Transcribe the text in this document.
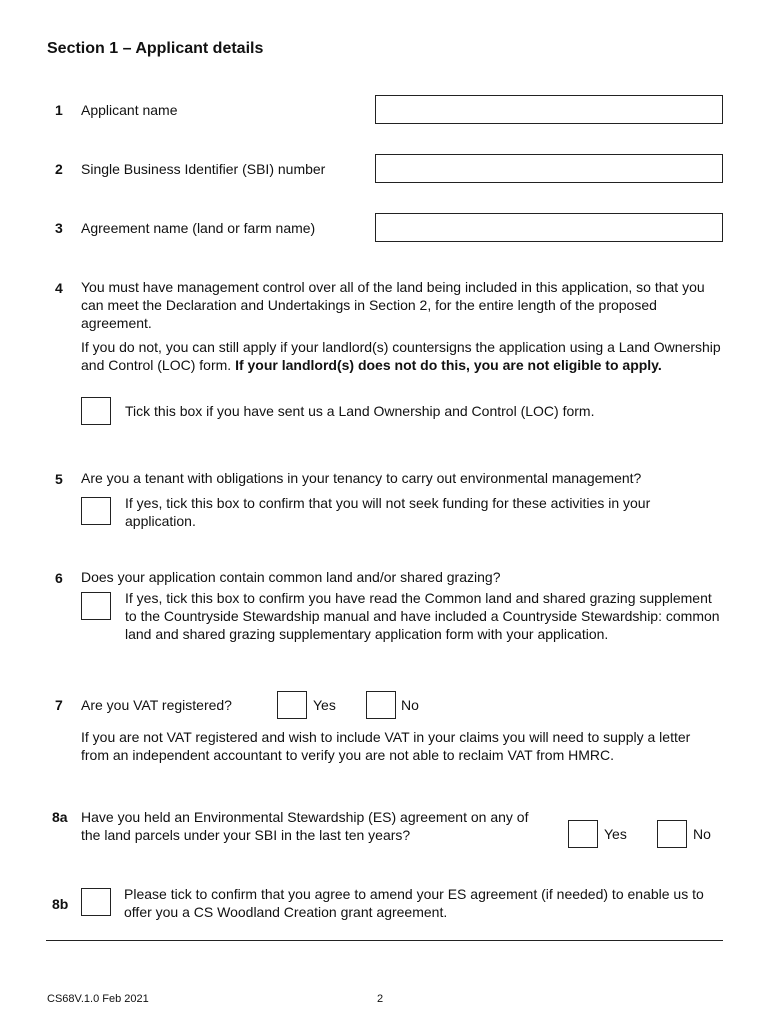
Section 1 – Applicant details
1 Applicant name
2 Single Business Identifier (SBI) number
3 Agreement name (land or farm name)
4 You must have management control over all of the land being included in this application, so that you can meet the Declaration and Undertakings in Section 2, for the entire length of the proposed agreement.
If you do not, you can still apply if your landlord(s) countersigns the application using a Land Ownership and Control (LOC) form. If your landlord(s) does not do this, you are not eligible to apply.
Tick this box if you have sent us a Land Ownership and Control (LOC) form.
5 Are you a tenant with obligations in your tenancy to carry out environmental management?
If yes, tick this box to confirm that you will not seek funding for these activities in your application.
6 Does your application contain common land and/or shared grazing?
If yes, tick this box to confirm you have read the Common land and shared grazing supplement to the Countryside Stewardship manual and have included a Countryside Stewardship: common land and shared grazing supplementary application form with your application.
7 Are you VAT registered?	Yes	No
If you are not VAT registered and wish to include VAT in your claims you will need to supply a letter from an independent accountant to verify you are not able to reclaim VAT from HMRC.
8a Have you held an Environmental Stewardship (ES) agreement on any of the land parcels under your SBI in the last ten years?	Yes	No
8b
Please tick to confirm that you agree to amend your ES agreement (if needed) to enable us to offer you a CS Woodland Creation grant agreement.
CS68V.1.0 Feb 2021	2
